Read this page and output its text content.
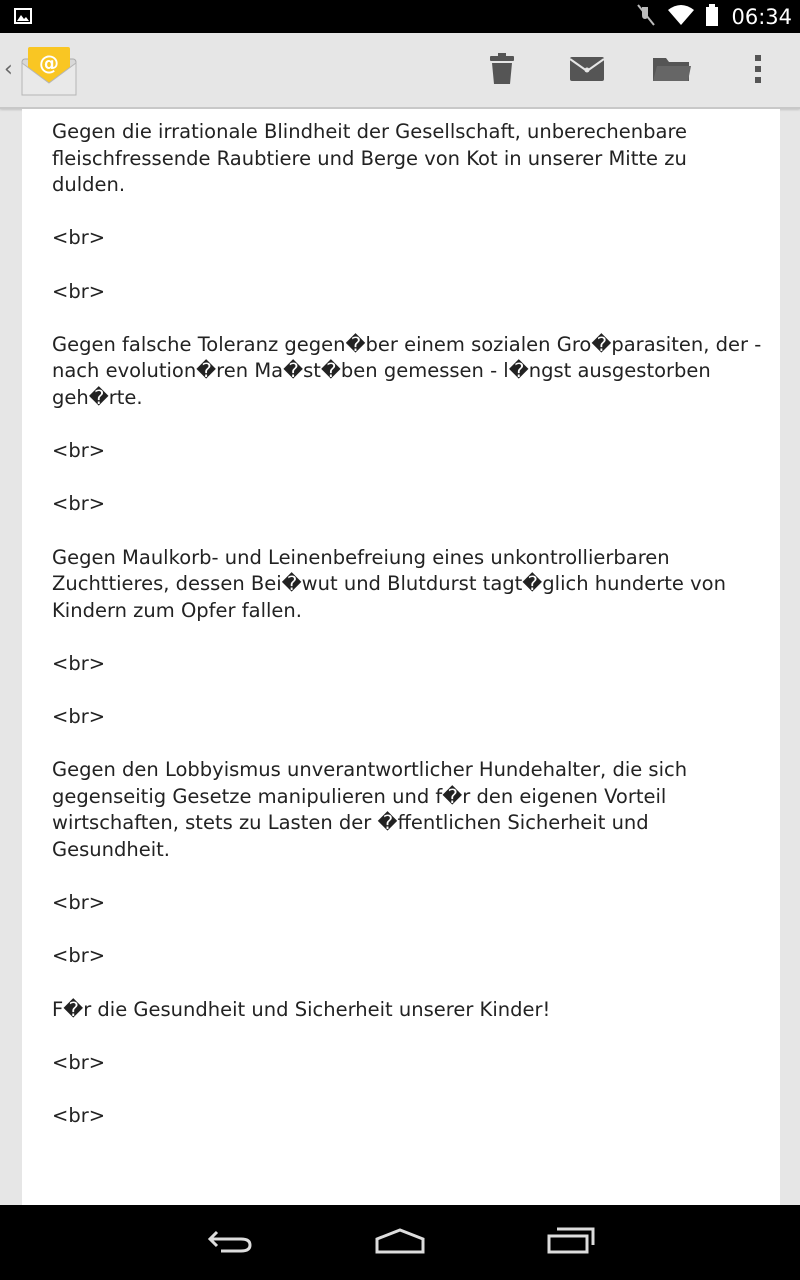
06:34
‹ @

Gegen die irrationale Blindheit der Gesellschaft, unberechenbare fleischfressende Raubtiere und Berge von Kot in unserer Mitte zu dulden.

<br>

<br>

Gegen falsche Toleranz gegen�ber einem sozialen Gro�parasiten, der - nach evolution�ren Ma�st�ben gemessen - l�ngst ausgestorben geh�rte.

<br>

<br>

Gegen Maulkorb- und Leinenbefreiung eines unkontrollierbaren Zuchttieres, dessen Bei�wut und Blutdurst tagt�glich hunderte von Kindern zum Opfer fallen.

<br>

<br>

Gegen den Lobbyismus unverantwortlicher Hundehalter, die sich gegenseitig Gesetze manipulieren und f�r den eigenen Vorteil wirtschaften, stets zu Lasten der �ffentlichen Sicherheit und Gesundheit.

<br>

<br>

F�r die Gesundheit und Sicherheit unserer Kinder!

<br>

<br>
